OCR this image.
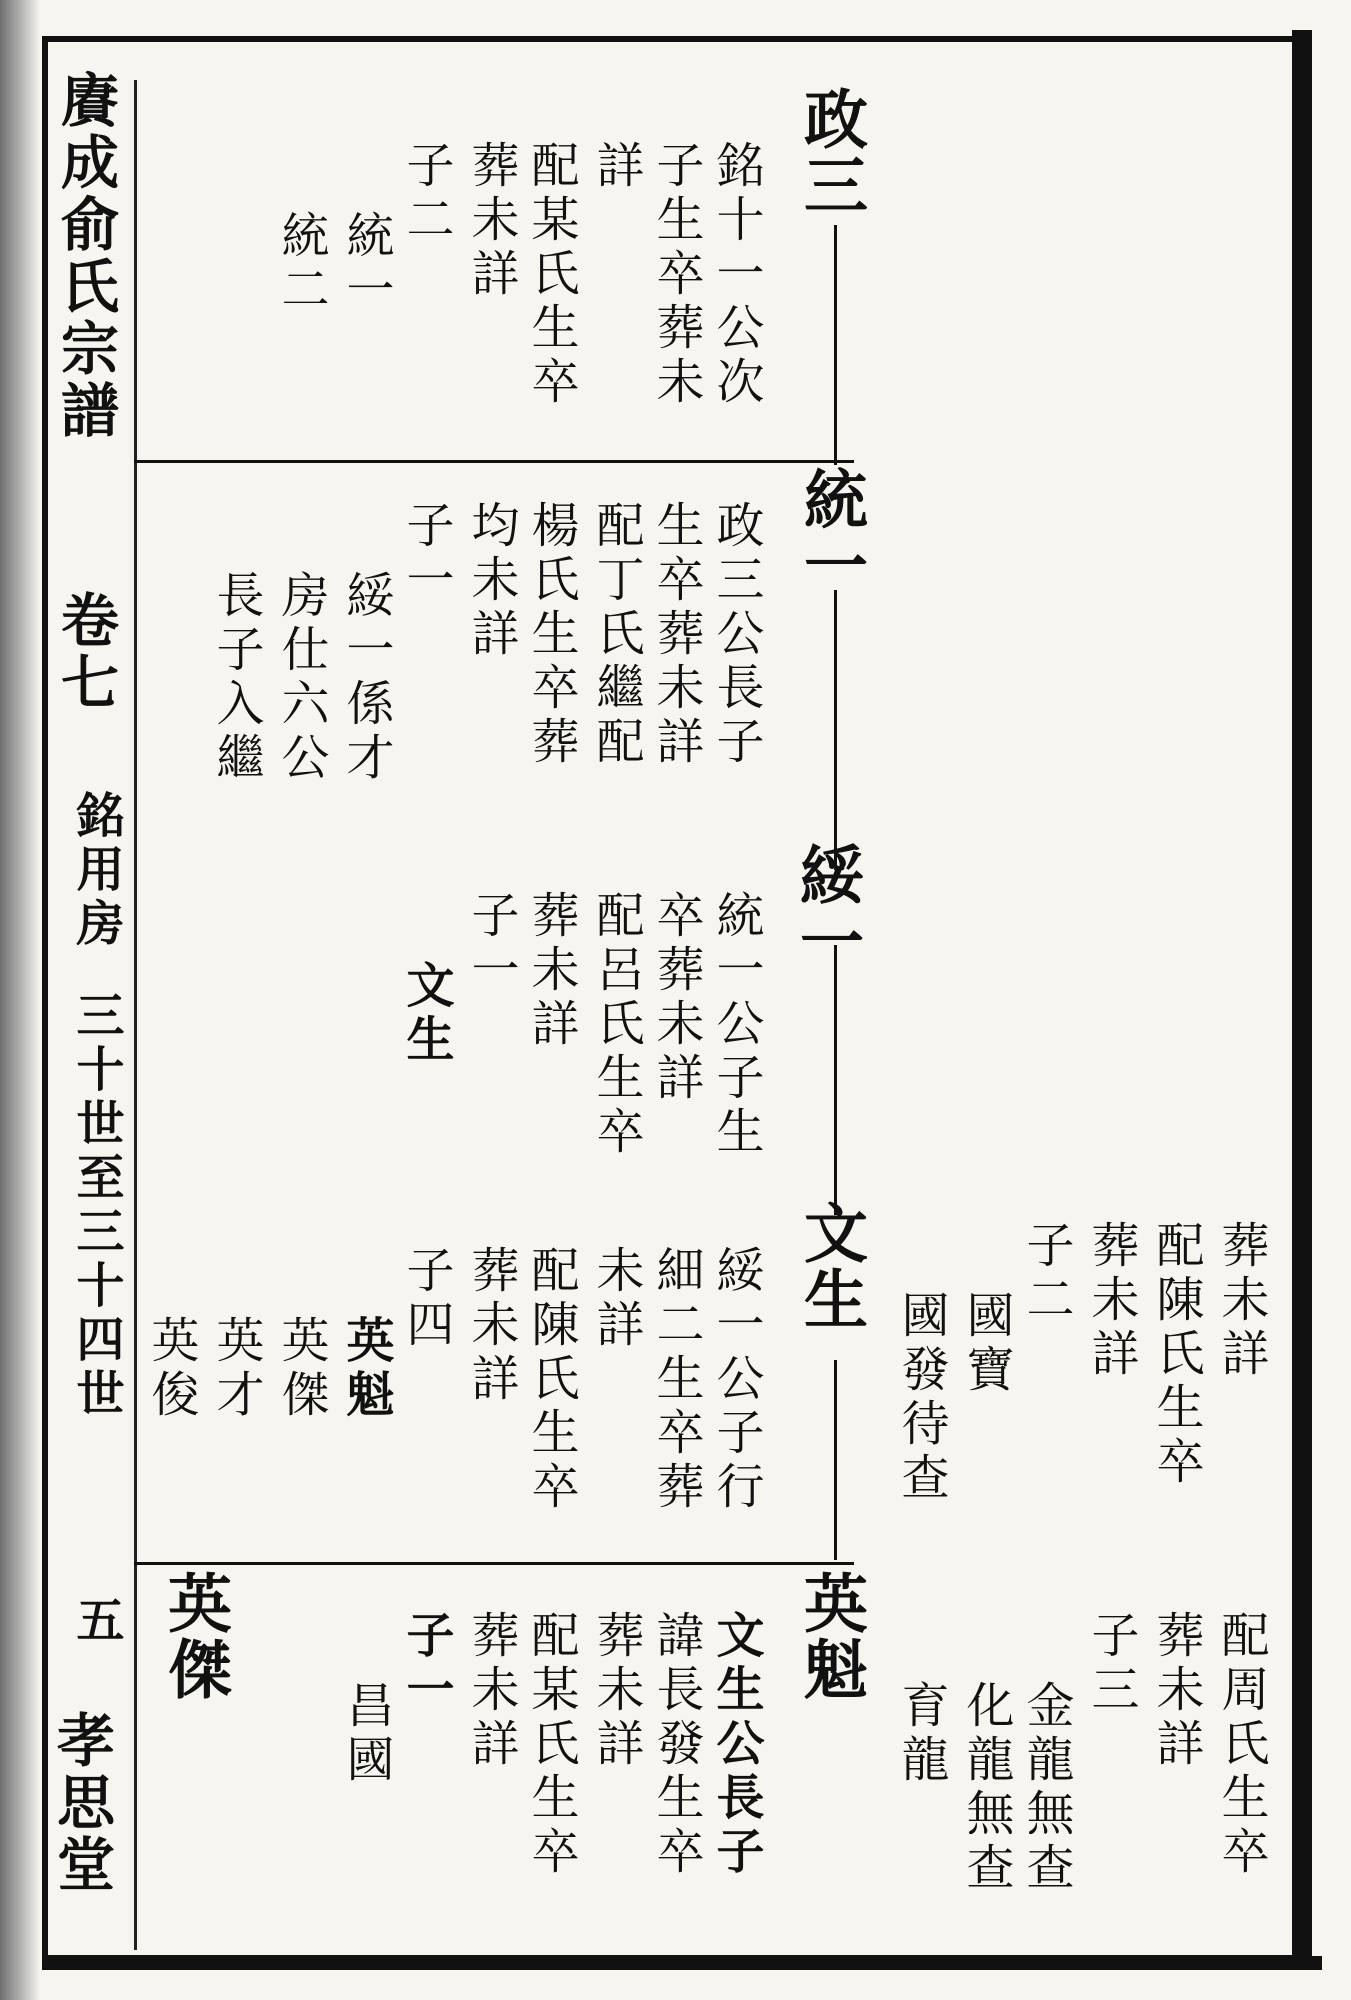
賡成俞氏宗譜
卷七
銘用房
三十世至三十四世
五
孝思堂
政三
統一
綏一
文生
英魁
英傑
銘十一公次
子生卒葬未
詳
配某氏生卒
葬未詳
子二
統一
統二
政三公長子
生卒葬未詳
配丁氏繼配
楊氏生卒葬
均未詳
子一
綏一係才
房仕六公
長子入繼
統一公子生
卒葬未詳
配呂氏生卒
葬未詳
子一
文生
綏一公子行
細二生卒葬
未詳
配陳氏生卒
葬未詳
子四
英魁
英傑
英才
英俊
文生公長子
諱長發生卒
葬未詳
配某氏生卒
葬未詳
子一
昌國
葬未詳
配陳氏生卒
葬未詳
子二
國寶
國發待查
配周氏生卒
葬未詳
子三
金龍無查
化龍無查
育龍
